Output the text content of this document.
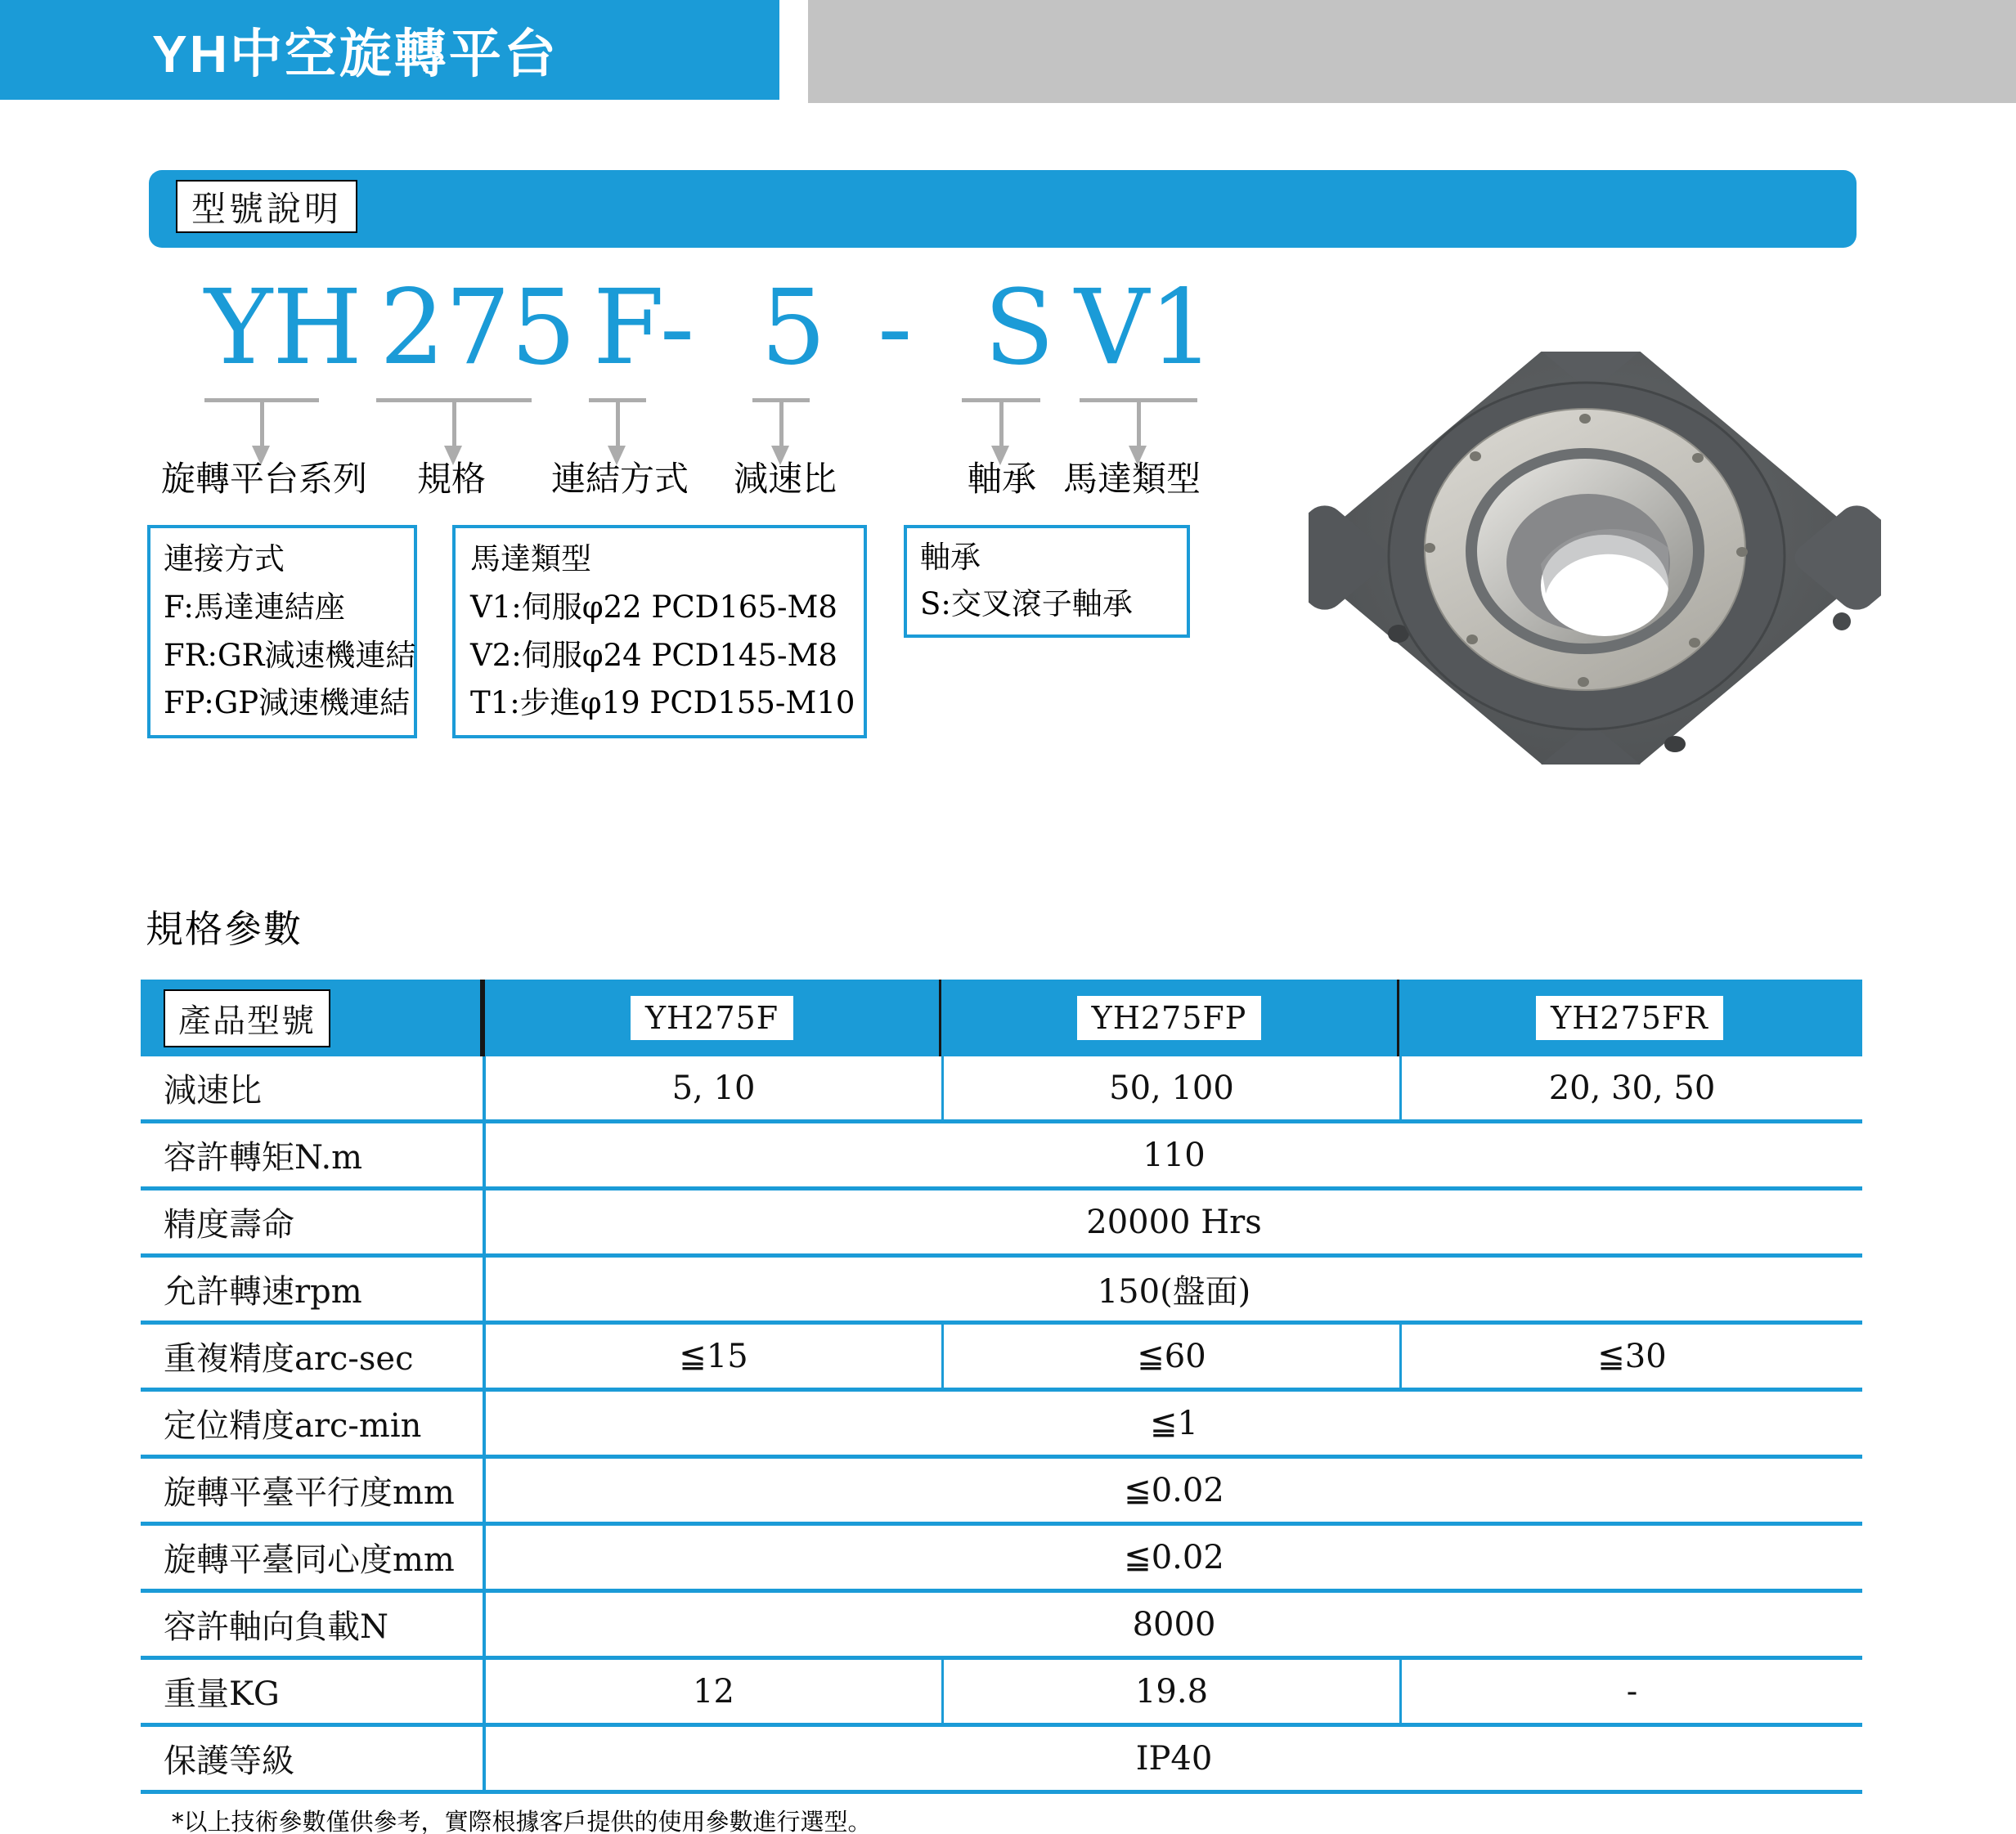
YH中空旋轉平台
型號說明
YH 275 F- 5 - S V1
旋轉平台系列 規格 連結方式 減速比	軸承 馬達類型
連接方式
F:馬達連結座
FR:GR減速機連結
FP:GP減速機連結
馬達類型
V1:伺服φ22 PCD165-M8
V2:伺服φ24 PCD145-M8
T1:步進φ19 PCD155-M10
軸承
S:交叉滾子軸承
規格參數
產品型號	YH275F	YH275FP	YH275FR
減速比	5, 10	50, 100	20, 30, 50
容許轉矩N.m	110
精度壽命	20000 Hrs
允許轉速rpm	150(盤面)
重複精度arc-sec	≦15	≦60	≦30
定位精度arc-min	≦1
旋轉平臺平行度mm	≦0.02
旋轉平臺同心度mm	≦0.02
容許軸向負載N	8000
重量KG	12	19.8	-
保護等級	IP40
*以上技術參數僅供參考，實際根據客戶提供的使用參數進行選型。
